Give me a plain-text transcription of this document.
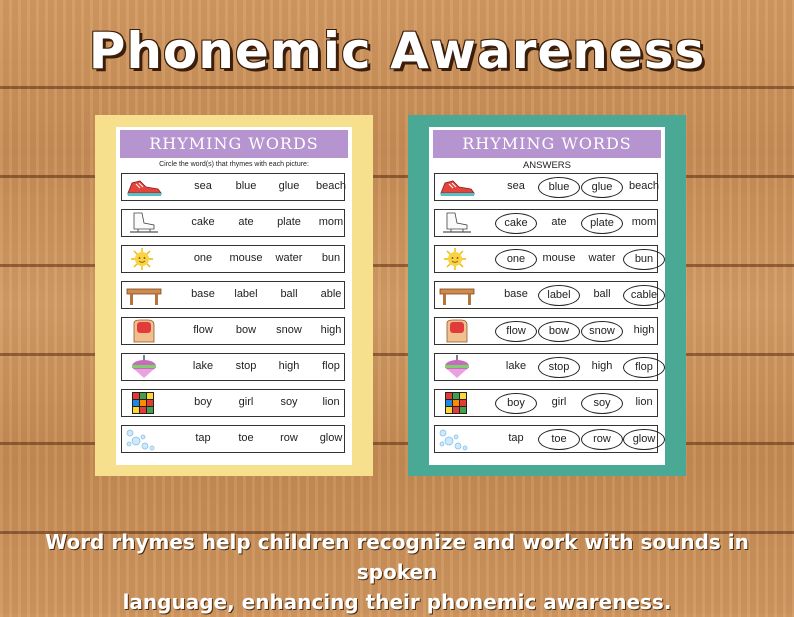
Phonemic Awareness
RHYMING WORDS
Circle the word(s) that rhymes with each picture:
sea	blue	glue	beach
cake	ate	plate	mom
one	mouse	water	bun
base	label	ball	able
flow	bow	snow	high
lake	stop	high	flop
boy	girl	soy	lion
tap	toe	row	glow
RHYMING WORDS
ANSWERS
sea	blue	glue	beach
cake	ate	plate	mom
one	mouse	water	bun
base	label	ball	cable
flow	bow	snow	high
lake	stop	high	flop
boy	girl	soy	lion
tap	toe	row	glow
Word rhymes help children recognize and work with sounds in spoken
language, enhancing their phonemic awareness.
